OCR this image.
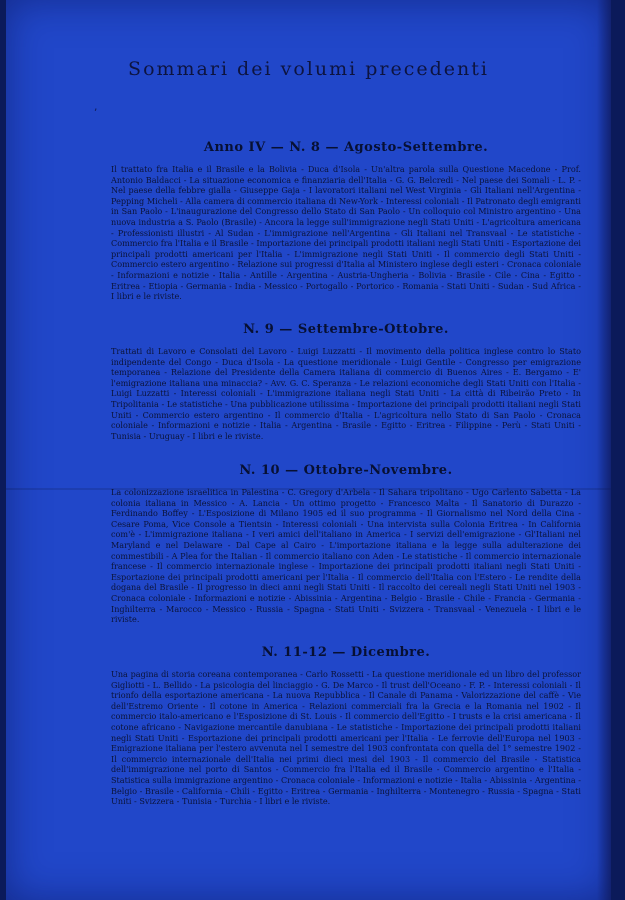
Sommari dei volumi precedenti
’
Anno IV — N. 8 — Agosto-Settembre.

Il trattato fra Italia e il Brasile e la Bolivia - Duca d'Isola - Un'altra parola sulla Questione Macedone - Prof. Antonio Baldacci - La situazione economica e finanziaria dell'Italia - G. G. Belcredi - Nel paese dei Somali - L. P. - Nel paese della febbre gialla - Giuseppe Gaja - I lavoratori italiani nel West Virginia - Gli Italiani nell'Argentina - Pepping Micheli - Alla camera di commercio italiana di New-York - Interessi coloniali - Il Patronato degli emigranti in San Paolo - L'inaugurazione del Congresso dello Stato di San Paolo - Un colloquio col Ministro argentino - Una nuova industria a S. Paolo (Brasile) - Ancora la legge sull'immigrazione negli Stati Uniti - L'agricoltura americana - Professionisti illustri - Al Sudan - L'immigrazione nell'Argentina - Gli Italiani nel Transvaal - Le statistiche - Commercio fra l'Italia e il Brasile - Importazione dei principali prodotti italiani negli Stati Uniti - Esportazione dei principali prodotti americani per l'Italia - L'immigrazione negli Stati Uniti - Il commercio degli Stati Uniti - Commercio estero argentino - Relazione sui progressi d'Italia al Ministero inglese degli esteri - Cronaca coloniale - Informazioni e notizie - Italia - Antille - Argentina - Austria-Ungheria - Bolivia - Brasile - Cile - Cina - Egitto - Eritrea - Etiopia - Germania - India - Messico - Portogallo - Portorico - Romania - Stati Uniti - Sudan - Sud Africa - I libri e le riviste.

N. 9 — Settembre-Ottobre.

Trattati di Lavoro e Consolati del Lavoro - Luigi Luzzatti - Il movimento della politica inglese contro lo Stato indipendente del Congo - Duca d'Isola - La questione meridionale - Luigi Gentile - Congresso per emigrazione temporanea - Relazione del Presidente della Camera italiana di commercio di Buenos Aires - E. Bergamo - E' l'emigrazione italiana una minaccia? - Avv. G. C. Speranza - Le relazioni economiche degli Stati Uniti con l'Italia - Luigi Luzzatti - Interessi coloniali - L'immigrazione italiana negli Stati Uniti - La città di Ribeirão Preto - In Tripolitania - Le statistiche - Una pubblicazione utilissima - Importazione dei principali prodotti italiani negli Stati Uniti - Commercio estero argentino - Il commercio d'Italia - L'agricoltura nello Stato di San Paolo - Cronaca coloniale - Informazioni e notizie - Italia - Argentina - Brasile - Egitto - Eritrea - Filippine - Perù - Stati Uniti - Tunisia - Uruguay - I libri e le riviste.

N. 10 — Ottobre-Novembre.

La colonizzazione israelitica in Palestina - C. Gregory d'Arbela - Il Sahara tripolitano - Ugo Carlento Sabetta - La colonia italiana in Messico - A. Lancia - Un ottimo progetto - Francesco Malta - Il Sanatorio di Durazzo - Ferdinando Boffey - L'Esposizione di Milano 1905 ed il suo programma - Il Giornalismo nel Nord della Cina - Cesare Poma, Vice Console a Tientsin - Interessi coloniali - Una intervista sulla Colonia Eritrea - In California com'è - L'immigrazione italiana - I veri amici dell'italiano in America - I servizi dell'emigrazione - Gl'Italiani nel Maryland e nel Delaware - Dal Cape al Cairo - L'importazione italiana e la legge sulla adulterazione dei commestibili - A Plea for the Italian - Il commercio italiano con Aden - Le statistiche - Il commercio internazionale francese - Il commercio internazionale inglese - Importazione dei principali prodotti italiani negli Stati Uniti - Esportazione dei principali prodotti americani per l'Italia - Il commercio dell'Italia con l'Estero - Le rendite della dogana del Brasile - Il progresso in dieci anni negli Stati Uniti - Il raccolto dei cereali negli Stati Uniti nel 1903 - Cronaca coloniale - Informazioni e notizie - Abissinia - Argentina - Belgio - Brasile - Chile - Francia - Germania - Inghilterra - Marocco - Messico - Russia - Spagna - Stati Uniti - Svizzera - Transvaal - Venezuela - I libri e le riviste.

N. 11-12 — Dicembre.

Una pagina di storia coreana contemporanea - Carlo Rossetti - La questione meridionale ed un libro del professor Gigliotti - L. Bellido - La psicologia del linciaggio - G. De Marco - Il trust dell'Oceano - F. P. - Interessi coloniali - Il trionfo della esportazione americana - La nuova Repubblica - Il Canale di Panama - Valorizzazione del caffè - Vie dell'Estremo Oriente - Il cotone in America - Relazioni commerciali fra la Grecia e la Romania nel 1902 - Il commercio italo-americano e l'Esposizione di St. Louis - Il commercio dell'Egitto - I trusts e la crisi americana - Il cotone africano - Navigazione mercantile danubiana - Le statistiche - Importazione dei principali prodotti italiani negli Stati Uniti - Esportazione dei principali prodotti americani per l'Italia - Le ferrovie dell'Europa nel 1903 - Emigrazione italiana per l'estero avvenuta nel I semestre del 1903 confrontata con quella del 1° semestre 1902 - Il commercio internazionale dell'Italia nei primi dieci mesi del 1903 - Il commercio del Brasile - Statistica dell'immigrazione nel porto di Santos - Commercio fra l'Italia ed il Brasile - Commercio argentino e l'Italia - Statistica sulla immigrazione argentino - Cronaca coloniale - Informazioni e notizie - Italia - Abissinia - Argentina - Belgio - Brasile - California - Chili - Egitto - Eritrea - Germania - Inghilterra - Montenegro - Russia - Spagna - Stati Uniti - Svizzera - Tunisia - Turchia - I libri e le riviste.
